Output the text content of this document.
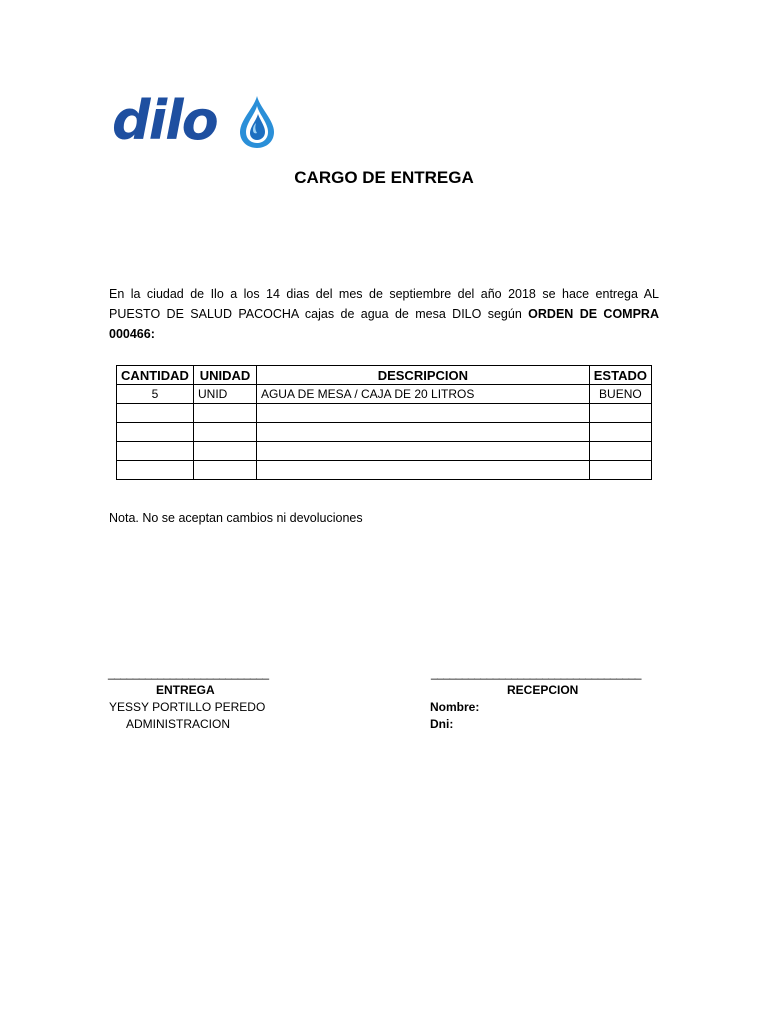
dilo
CARGO DE ENTREGA
En la ciudad de Ilo a los 14 dias del mes de septiembre del año 2018 se hace entrega AL
PUESTO DE SALUD PACOCHA cajas de agua de mesa DILO según ORDEN DE COMPRA 000466:
CANTIDAD	UNIDAD	DESCRIPCION	ESTADO
5	UNID	AGUA DE MESA / CAJA DE 20 LITROS	BUENO

Nota. No se aceptan cambios ni devoluciones
__________________________
ENTREGA
YESSY PORTILLO PEREDO
ADMINISTRACION
__________________________________
RECEPCION
Nombre:
Dni:
